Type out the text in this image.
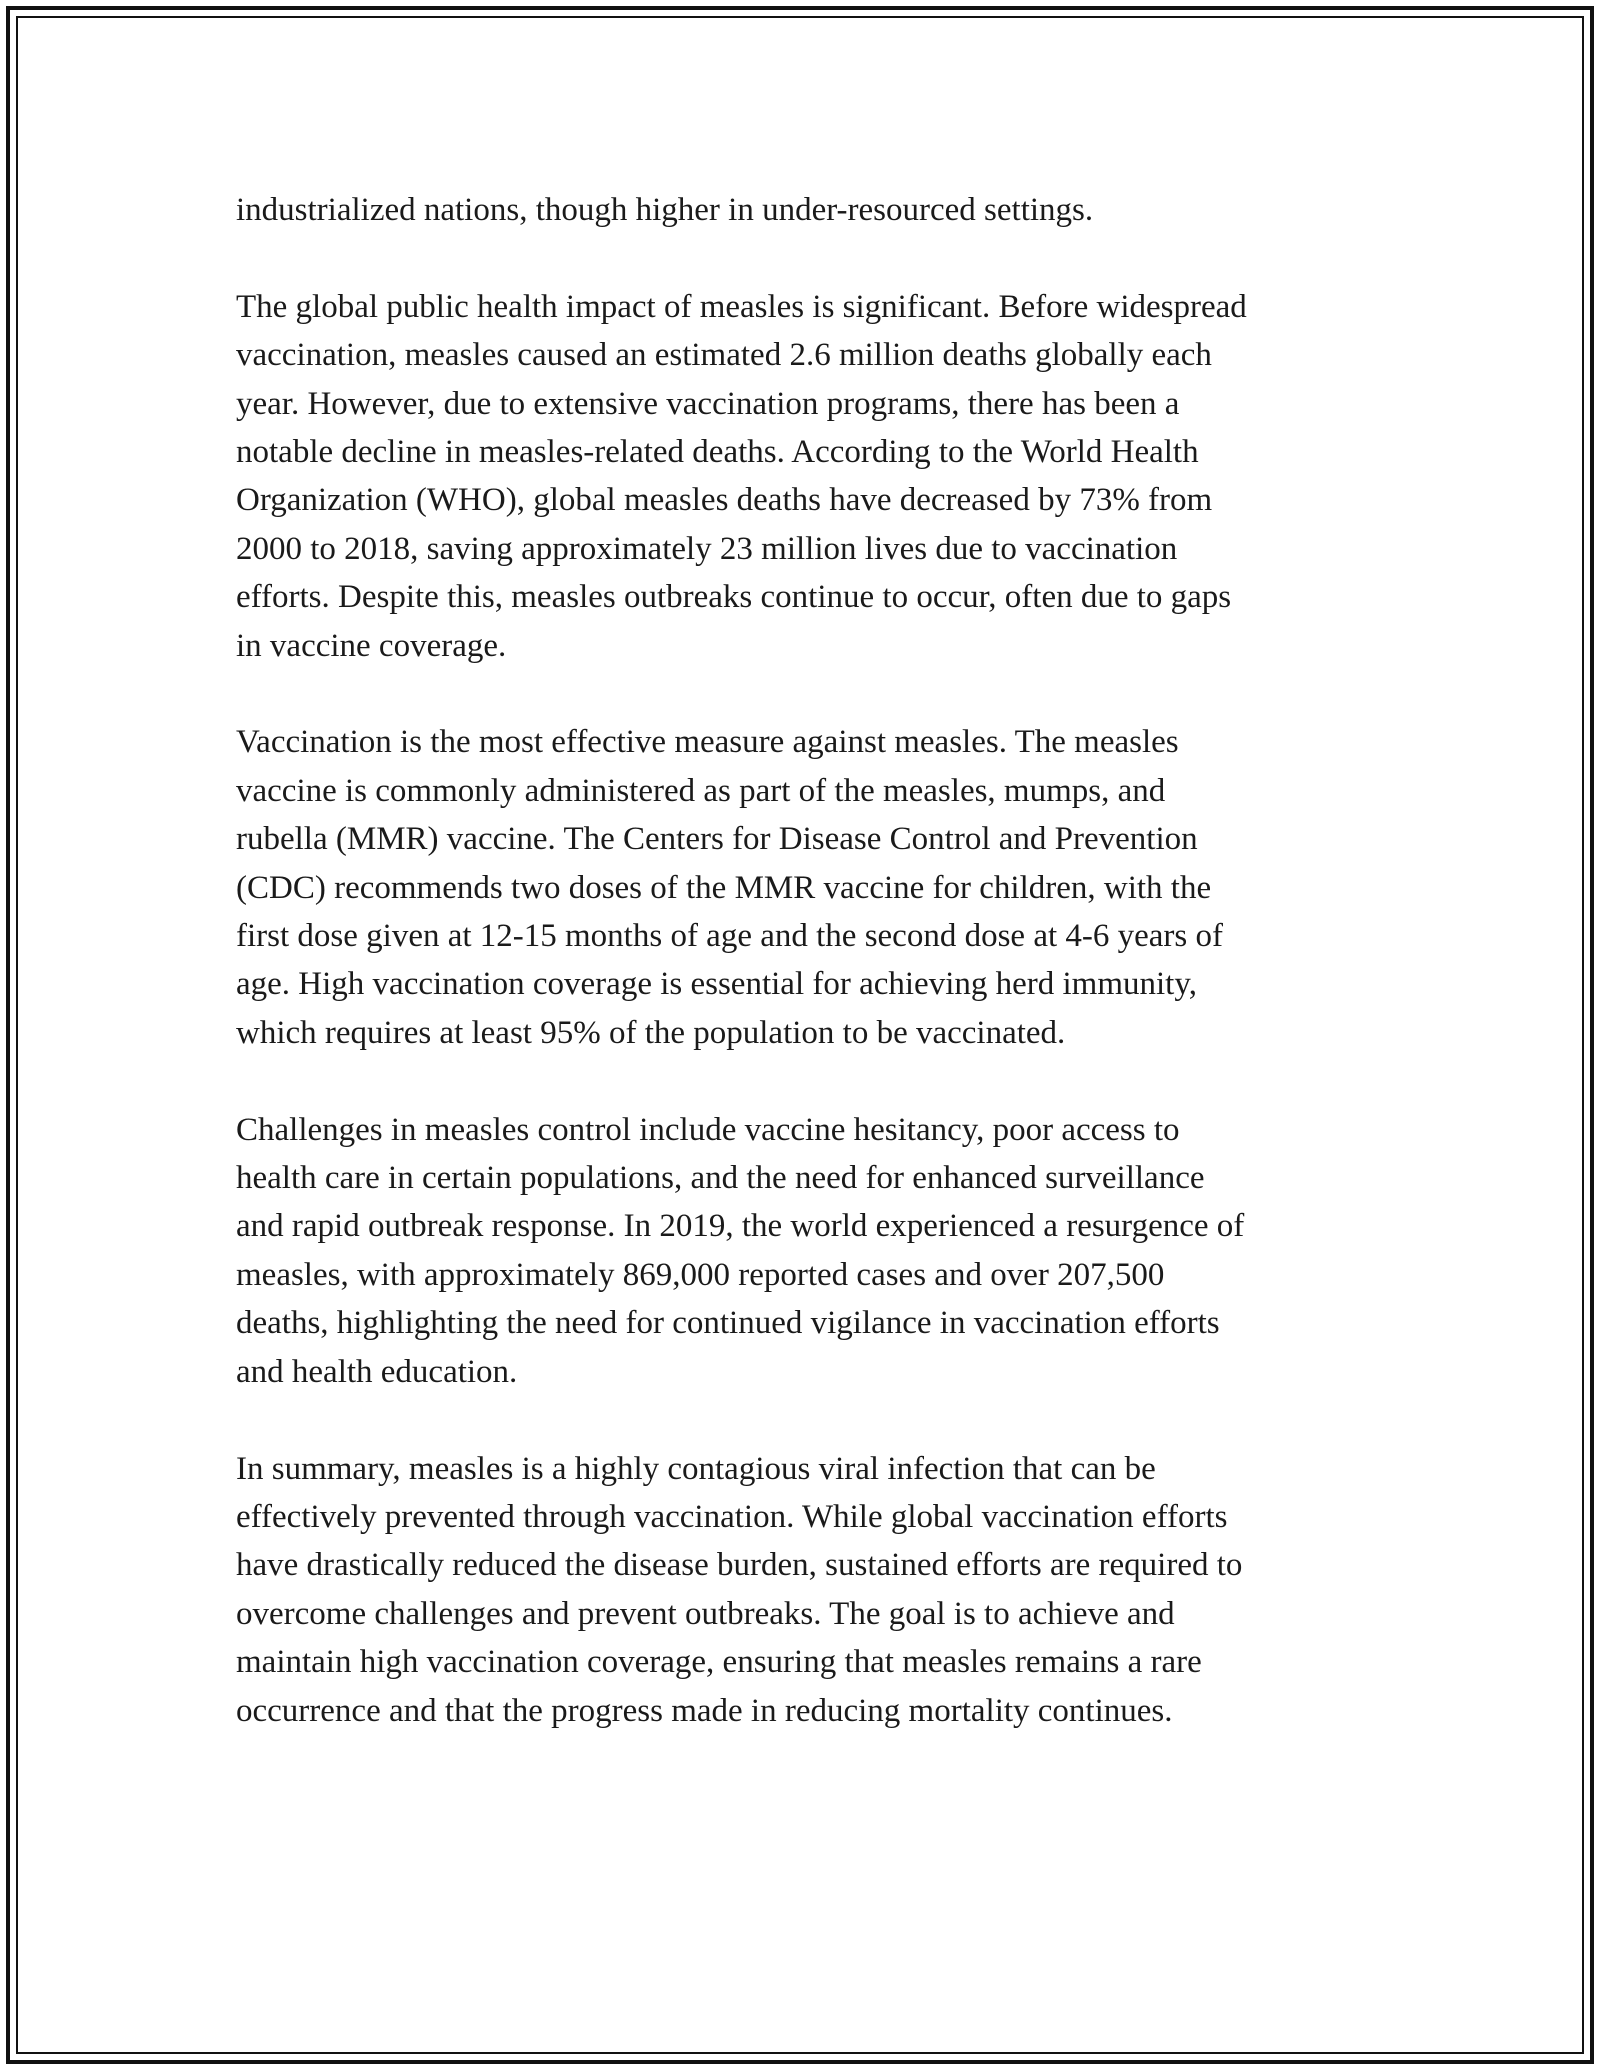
industrialized nations, though higher in under-resourced settings.

The global public health impact of measles is significant. Before widespread
vaccination, measles caused an estimated 2.6 million deaths globally each
year. However, due to extensive vaccination programs, there has been a
notable decline in measles-related deaths. According to the World Health
Organization (WHO), global measles deaths have decreased by 73% from
2000 to 2018, saving approximately 23 million lives due to vaccination
efforts. Despite this, measles outbreaks continue to occur, often due to gaps
in vaccine coverage.

Vaccination is the most effective measure against measles. The measles
vaccine is commonly administered as part of the measles, mumps, and
rubella (MMR) vaccine. The Centers for Disease Control and Prevention
(CDC) recommends two doses of the MMR vaccine for children, with the
first dose given at 12-15 months of age and the second dose at 4-6 years of
age. High vaccination coverage is essential for achieving herd immunity,
which requires at least 95% of the population to be vaccinated.

Challenges in measles control include vaccine hesitancy, poor access to
health care in certain populations, and the need for enhanced surveillance
and rapid outbreak response. In 2019, the world experienced a resurgence of
measles, with approximately 869,000 reported cases and over 207,500
deaths, highlighting the need for continued vigilance in vaccination efforts
and health education.

In summary, measles is a highly contagious viral infection that can be
effectively prevented through vaccination. While global vaccination efforts
have drastically reduced the disease burden, sustained efforts are required to
overcome challenges and prevent outbreaks. The goal is to achieve and
maintain high vaccination coverage, ensuring that measles remains a rare
occurrence and that the progress made in reducing mortality continues.
